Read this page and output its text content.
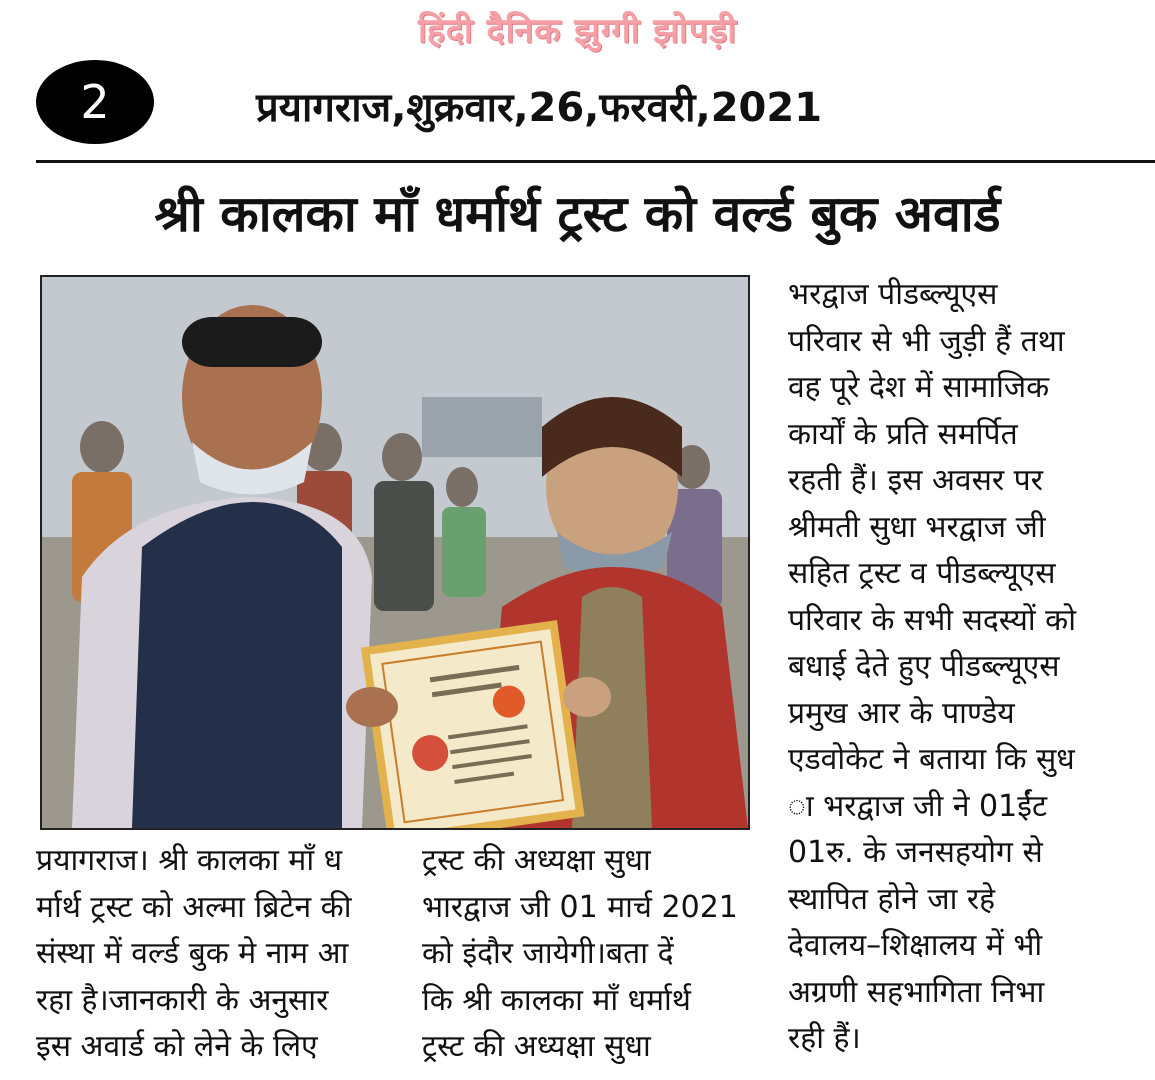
हिंदी दैनिक झुग्गी झोपड़ी
2	प्रयागराज,शुक्रवार,26,फरवरी,2021
श्री कालका माँ धर्मार्थ ट्रस्ट को वर्ल्ड बुक अवार्ड

भरद्वाज पीडब्ल्यूएस

परिवार से भी जुड़ी हैं तथा

वह पूरे देश में सामाजिक

कार्यों के प्रति समर्पित

रहती हैं। इस अवसर पर

श्रीमती सुधा भरद्वाज जी

सहित ट्रस्ट व पीडब्ल्यूएस

परिवार के सभी सदस्यों को

बधाई देते हुए पीडब्ल्यूएस

प्रमुख आर के पाण्डेय

एडवोकेट ने बताया कि सुध

ा भरद्वाज जी ने 01ईंट

01रु. के जनसहयोग से

स्थापित होने जा रहे

देवालय–शिक्षालय में भी

अग्रणी सहभागिता निभा

रही हैं।

प्रयागराज। श्री कालका माँ ध

र्मार्थ ट्रस्ट को अल्मा ब्रिटेन की

संस्था में वर्ल्ड बुक मे नाम आ

रहा है।जानकारी के अनुसार

इस अवार्ड को लेने के लिए

ट्रस्ट की अध्यक्षा सुधा

भारद्वाज जी 01 मार्च 2021

को इंदौर जायेगी।बता दें

कि श्री कालका माँ धर्मार्थ

ट्रस्ट की अध्यक्षा सुधा
